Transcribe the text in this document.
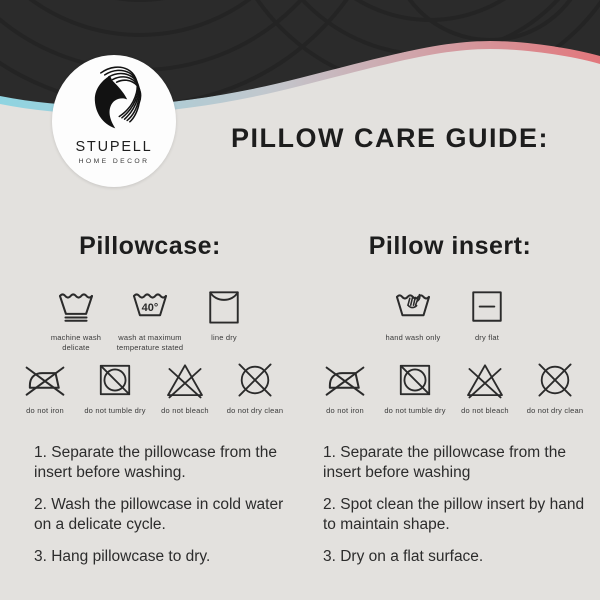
STUPELL
HOME DECOR
PILLOW CARE GUIDE:
Pillowcase:
machine wash delicate
40°
wash at maximum temperature stated
line dry
do not iron	do not tumble dry do not bleach do not dry clean

1. Separate the pillowcase from the insert before washing.

2. Wash the pillowcase in cold water on a delicate cycle.

3. Hang pillowcase to dry.

Pillow insert:
hand wash only	dry flat
do not iron	do not tumble dry do not bleach do not dry clean

1. Separate the pillowcase from the insert before washing

2. Spot clean the pillow insert by hand to maintain shape.

3. Dry on a flat surface.
